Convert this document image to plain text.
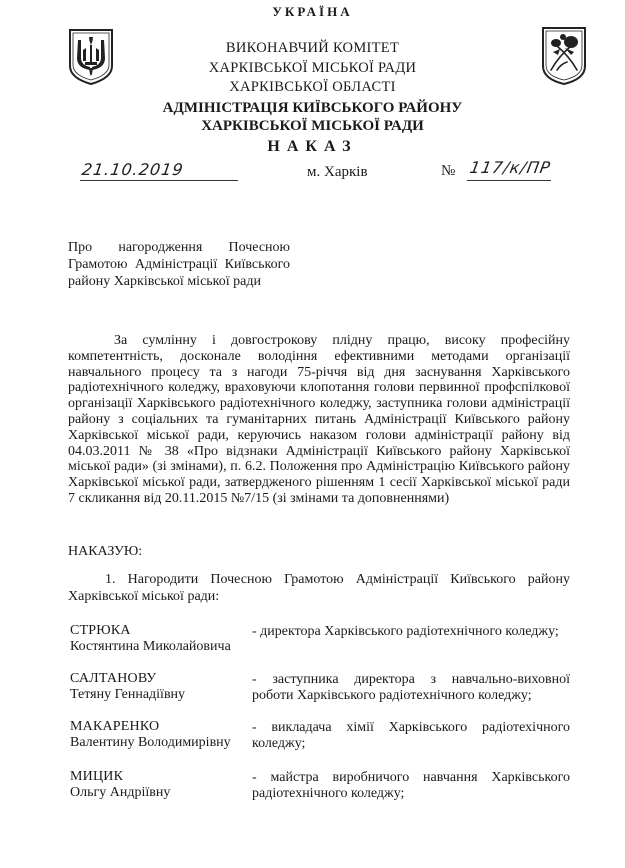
УКРАЇНА
ВИКОНАВЧИЙ КОМІТЕТ
ХАРКІВСЬКОЇ МІСЬКОЇ РАДИ
ХАРКІВСЬКОЇ ОБЛАСТІ
АДМІНІСТРАЦІЯ КИЇВСЬКОГО РАЙОНУ
ХАРКІВСЬКОЇ МІСЬКОЇ РАДИ
НАКАЗ
21.10.2019	м. Харків	№ 117/к/ПР
Про нагородження Почесною
Грамотою Адміністрації Київського
району Харківської міської ради
За сумлінну і довгострокову плідну працю, високу професійну компетентність, досконале володіння ефективними методами організації навчального процесу та з нагоди 75-річчя від дня заснування Харківського радіотехнічного коледжу, враховуючи клопотання голови первинної профспілкової організації Харківського радіотехнічного коледжу, заступника голови адміністрації району з соціальних та гуманітарних питань Адміністрації Київського району Харківської міської ради, керуючись наказом голови адміністрації району від 04.03.2011 № 38 «Про відзнаки Адміністрації Київського району Харківської міської ради» (зі змінами), п. 6.2. Положення про Адміністрацію Київського району Харківської міської ради, затвердженого рішенням 1 сесії Харківської міської ради 7 скликання від 20.11.2015 №7/15 (зі змінами та доповненнями)
НАКАЗУЮ:
1. Нагородити Почесною Грамотою Адміністрації Київського району Харківської міської ради:
СТРЮКА
Костянтина Миколайовича
- директора Харківського радіотехнічного коледжу;
САЛТАНОВУ
Тетяну Геннадіївну
- заступника директора з навчально-виховної
роботи Харківського радіотехнічного коледжу;
МАКАРЕНКО
Валентину Володимирівну
- викладача хімії Харківського радіотехічного
коледжу;
МИЦИК
Ольгу Андріївну
- майстра виробничого навчання Харківського
радіотехнічного коледжу;
